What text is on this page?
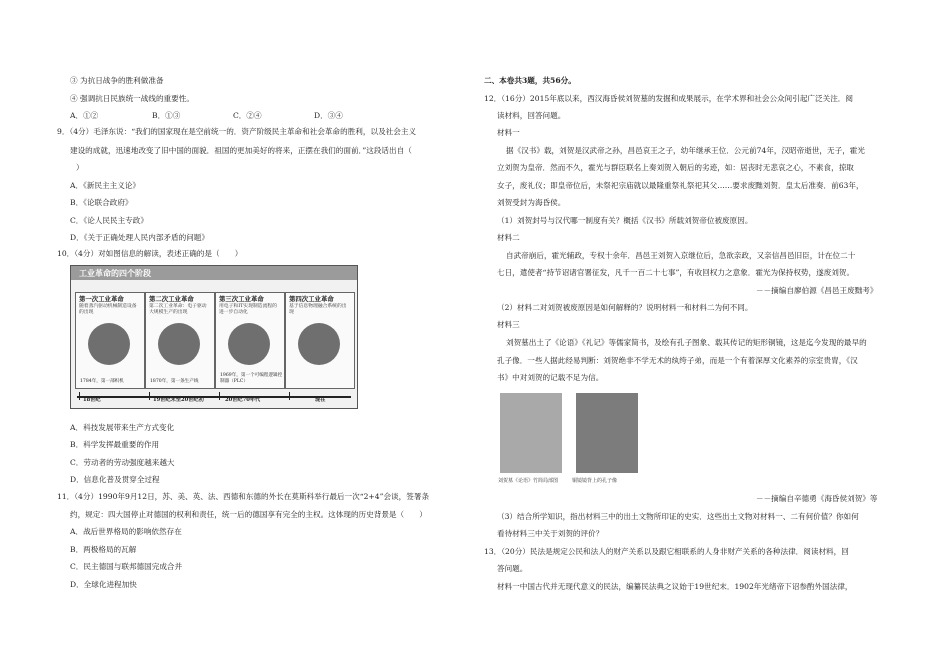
③ 为抗日战争的胜利做准备
④ 强调抗日民族统一战线的重要性。
A．①②	B．①③	C．②④	D．③④
9．（4分）毛泽东说：“我们的国家现在是空前统一的．资产阶级民主革命和社会革命的胜利，以及社会主义
建设的成就，迅速地改变了旧中国的面貌．祖国的更加美好的将来，正摆在我们的面前．”这段话出自（
）
A．《新民主主义论》
B．《论联合政府》
C．《论人民民主专政》
D．《关于正确处理人民内部矛盾的问题》
10．（4分）对如图信息的解读，表述正确的是（　　）
工业革命的四个阶段
第一次工业革命
随着蒸汽驱动机械制造设备的出现
1784年，第一部织机
第二次工业革命
第二次工业革命：电子驱动大规模生产的出现
1870年，第一条生产线
第三次工业革命
用电子和IT实现制造流程的进一步自动化
1969年，第一个可编程逻辑控制器（PLC）
第四次工业革命
基于信息物理融合系统的出现
18世纪	19世纪末至20世纪初	20世纪70年代	现在
A．科技发展带来生产方式变化
B．科学发挥最重要的作用
C．劳动者的劳动强度越来越大
D．信息化普及贯穿全过程
11．（4分）1990年9月12日，苏、美、英、法、西德和东德的外长在莫斯科举行最后一次“2+4”会谈，签署条
约，规定：四大国停止对德国的权利和责任，统一后的德国享有完全的主权。这体现的历史背景是（　　）
A．战后世界格局的影响依然存在
B．两极格局的瓦解
C．民主德国与联邦德国完成合并
D．全球化进程加快
二、本卷共3题，共56分。
12．（16分）2015年底以来，西汉海昏侯刘贺墓的发掘和成果展示，在学术界和社会公众间引起广泛关注．阅
读材料，回答问题。
材料一
据《汉书》载，刘贺是汉武帝之孙，昌邑哀王之子，幼年继承王位．公元前74年，汉昭帝逝世，无子，霍光
立刘贺为皇帝．然而不久，霍光与群臣联名上奏刘贺入朝后的劣迹，如：居丧时无悲哀之心，不素食，掠取
女子，废礼仪；即皇帝位后，未祭祀宗庙就以最隆重祭礼祭祀其父……要求废黜刘贺．皇太后准奏．前63年，
刘贺受封为海昏侯。
（1）刘贺封号与汉代哪一制度有关？概括《汉书》所载刘贺帝位被废原因。
材料二
自武帝崩后，霍光辅政，专权十余年．昌邑王刘贺入京继位后，急欲亲政，又亲信昌邑旧臣，计在位二十
七日，遣使者“持节诏诸官署征发，凡千一百二十七事”，有收回权力之意象．霍光为保持权势，遂废刘贺。
－－摘编自廖伯源《昌邑王废黜考》
（2）材料二对刘贺被废原因是如何解释的？说明材料一和材料二为何不同。
材料三
刘贺墓出土了《论语》《礼记》等儒家简书，及绘有孔子图象、载其传记的矩形铜镜，这是迄今发现的最早的
孔子像．一些人据此经易判断：刘贺绝非不学无术的纨绔子弟，而是一个有着深厚文化素养的宗室贵胄，《汉
书》中对刘贺的记载不足为信。
刘贺墓《论语》竹简局部图	铜镜镜背上的孔子像
－－摘编自辛德勇《海昏侯刘贺》等
（3）结合所学知识，指出材料三中的出土文物所印证的史实．这些出土文物对材料一、二有何价值？你如何
看待材料三中关于刘贺的评价？
13．（20分）民法是规定公民和法人的财产关系以及跟它相联系的人身非财产关系的各种法律．阅读材料，回
答问题。
材料一中国古代并无现代意义的民法，编纂民法典之议始于19世纪末．1902年光绪帝下诏参酌外国法律，
